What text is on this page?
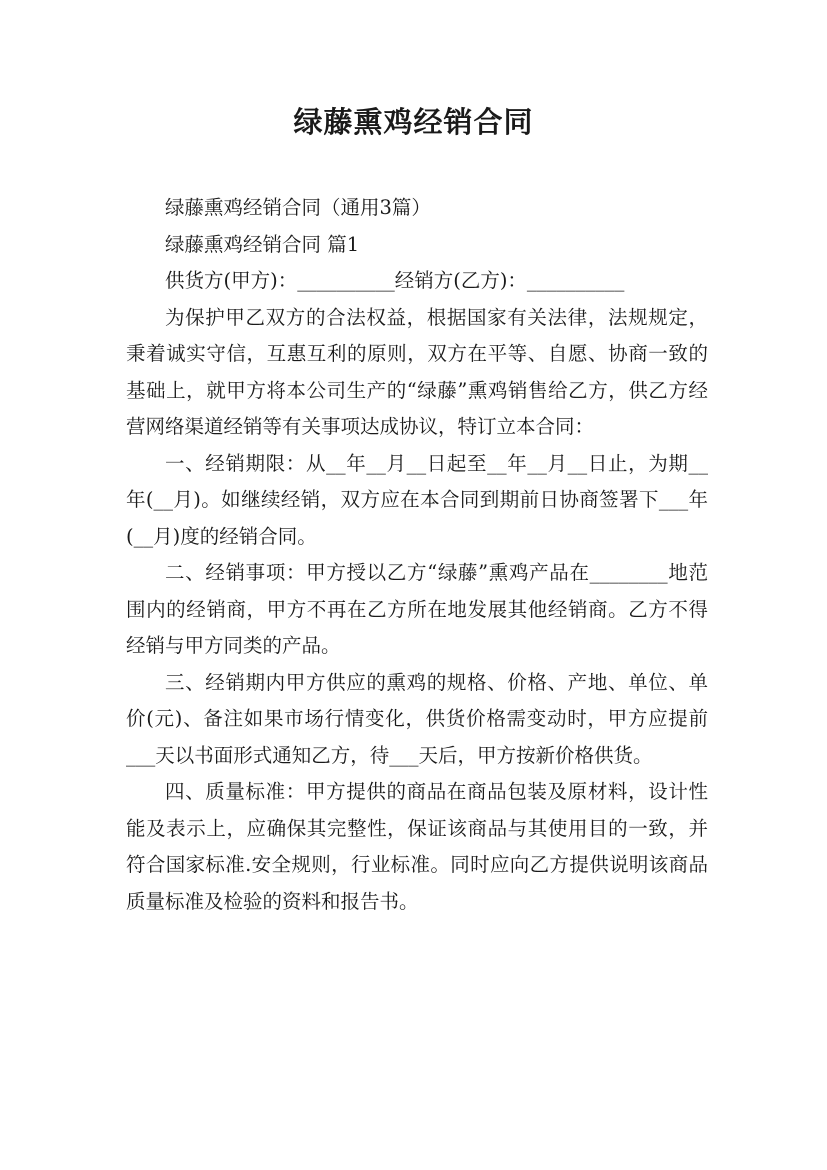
绿藤熏鸡经销合同

绿藤熏鸡经销合同（通用3篇）

绿藤熏鸡经销合同 篇1

供货方(甲方)：__________经销方(乙方)：__________

为保护甲乙双方的合法权益，根据国家有关法律，法规规定，秉着诚实守信，互惠互利的原则，双方在平等、自愿、协商一致的基础上，就甲方将本公司生产的“绿藤”熏鸡销售给乙方，供乙方经营网络渠道经销等有关事项达成协议，特订立本合同：

一、经销期限：从__年__月__日起至__年__月__日止，为期__年(__月)。如继续经销，双方应在本合同到期前日协商签署下___年(__月)度的经销合同。

二、经销事项：甲方授以乙方“绿藤”熏鸡产品在________地范围内的经销商，甲方不再在乙方所在地发展其他经销商。乙方不得经销与甲方同类的产品。

三、经销期内甲方供应的熏鸡的规格、价格、产地、单位、单价(元)、备注如果市场行情变化，供货价格需变动时，甲方应提前___天以书面形式通知乙方，待___天后，甲方按新价格供货。

四、质量标准：甲方提供的商品在商品包装及原材料，设计性能及表示上，应确保其完整性，保证该商品与其使用目的一致，并符合国家标准.安全规则，行业标准。同时应向乙方提供说明该商品质量标准及检验的资料和报告书。
